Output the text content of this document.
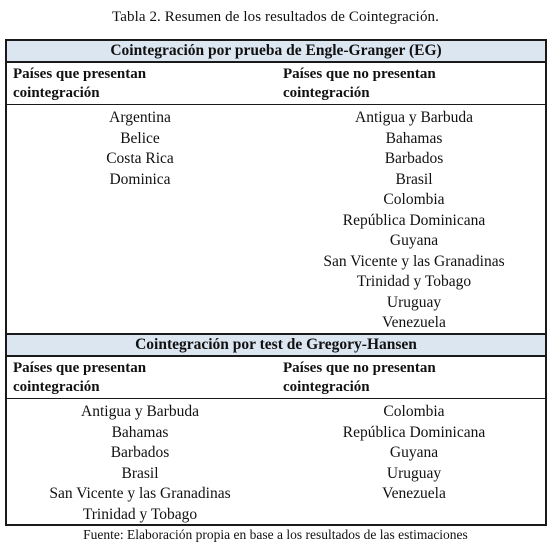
Tabla 2. Resumen de los resultados de Cointegración.
Cointegración por prueba de Engle-Granger (EG)
Países que presentan
cointegración
Países que no presentan
cointegración
Argentina
Belice
Costa Rica
Dominica
Antigua y Barbuda
Bahamas
Barbados
Brasil
Colombia
República Dominicana
Guyana
San Vicente y las Granadinas
Trinidad y Tobago
Uruguay
Venezuela
Cointegración por test de Gregory-Hansen
Países que presentan
cointegración
Países que no presentan
cointegración
Antigua y Barbuda
Bahamas
Barbados
Brasil
San Vicente y las Granadinas
Trinidad y Tobago
Colombia
República Dominicana
Guyana
Uruguay
Venezuela
Fuente: Elaboración propia en base a los resultados de las estimaciones
